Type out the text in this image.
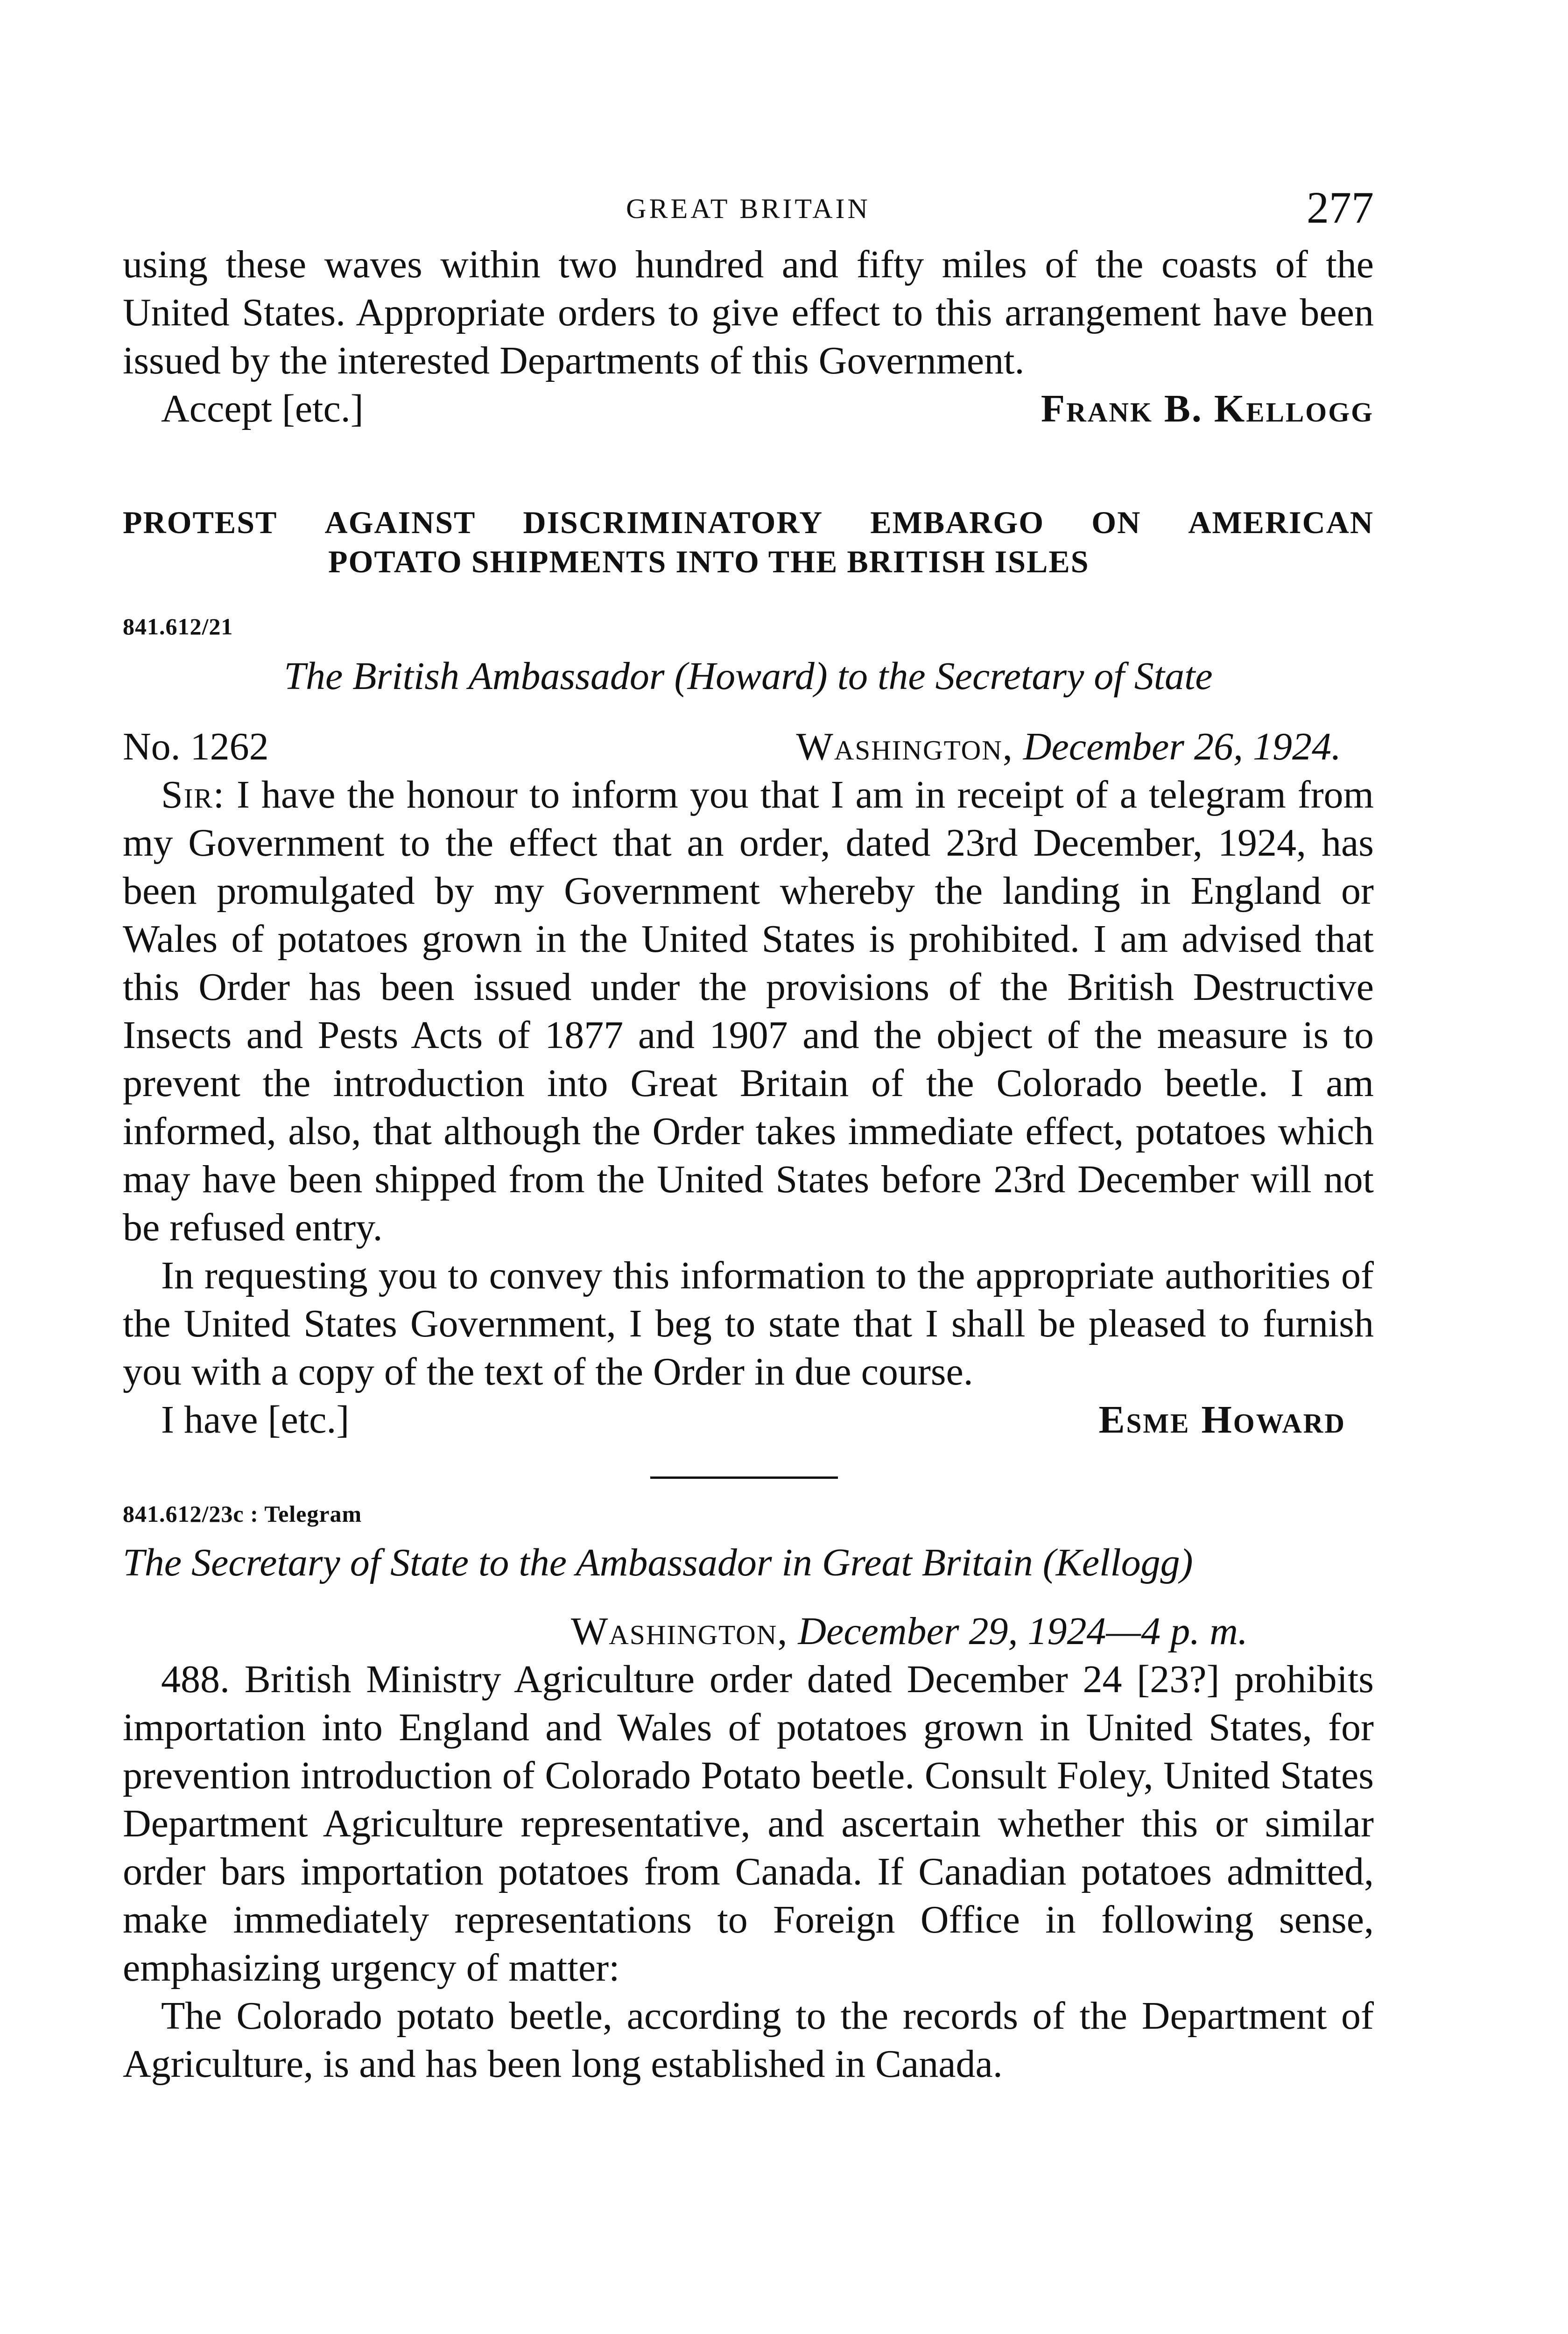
GREAT BRITAIN	277

using these waves within two hundred and fifty miles of the coasts of the United States. Appropriate orders to give effect to this arrangement have been issued by the interested Departments of this Government.

Accept [etc.]	Frank B. Kellogg
PROTEST AGAINST DISCRIMINATORY EMBARGO ON AMERICAN
POTATO SHIPMENTS INTO THE BRITISH ISLES
841.612/21
The British Ambassador (Howard) to the Secretary of State
No. 1262	Washington, December 26, 1924.

Sir: I have the honour to inform you that I am in receipt of a telegram from my Government to the effect that an order, dated 23rd December, 1924, has been promulgated by my Government whereby the landing in England or Wales of potatoes grown in the United States is prohibited. I am advised that this Order has been issued under the provisions of the British Destructive Insects and Pests Acts of 1877 and 1907 and the object of the measure is to prevent the introduction into Great Britain of the Colorado beetle. I am informed, also, that although the Order takes immediate effect, potatoes which may have been shipped from the United States before 23rd December will not be refused entry.

In requesting you to convey this information to the appropriate authorities of the United States Government, I beg to state that I shall be pleased to furnish you with a copy of the text of the Order in due course.

I have [etc.]	Esme Howard
841.612/23c : Telegram
The Secretary of State to the Ambassador in Great Britain (Kellogg)
Washington, December 29, 1924—4 p. m.

488. British Ministry Agriculture order dated December 24 [23?] prohibits importation into England and Wales of potatoes grown in United States, for prevention introduction of Colorado Potato beetle. Consult Foley, United States Department Agriculture representative, and ascertain whether this or similar order bars importation potatoes from Canada. If Canadian potatoes admitted, make immediately representations to Foreign Office in following sense, emphasizing urgency of matter:

The Colorado potato beetle, according to the records of the Department of Agriculture, is and has been long established in Canada.
